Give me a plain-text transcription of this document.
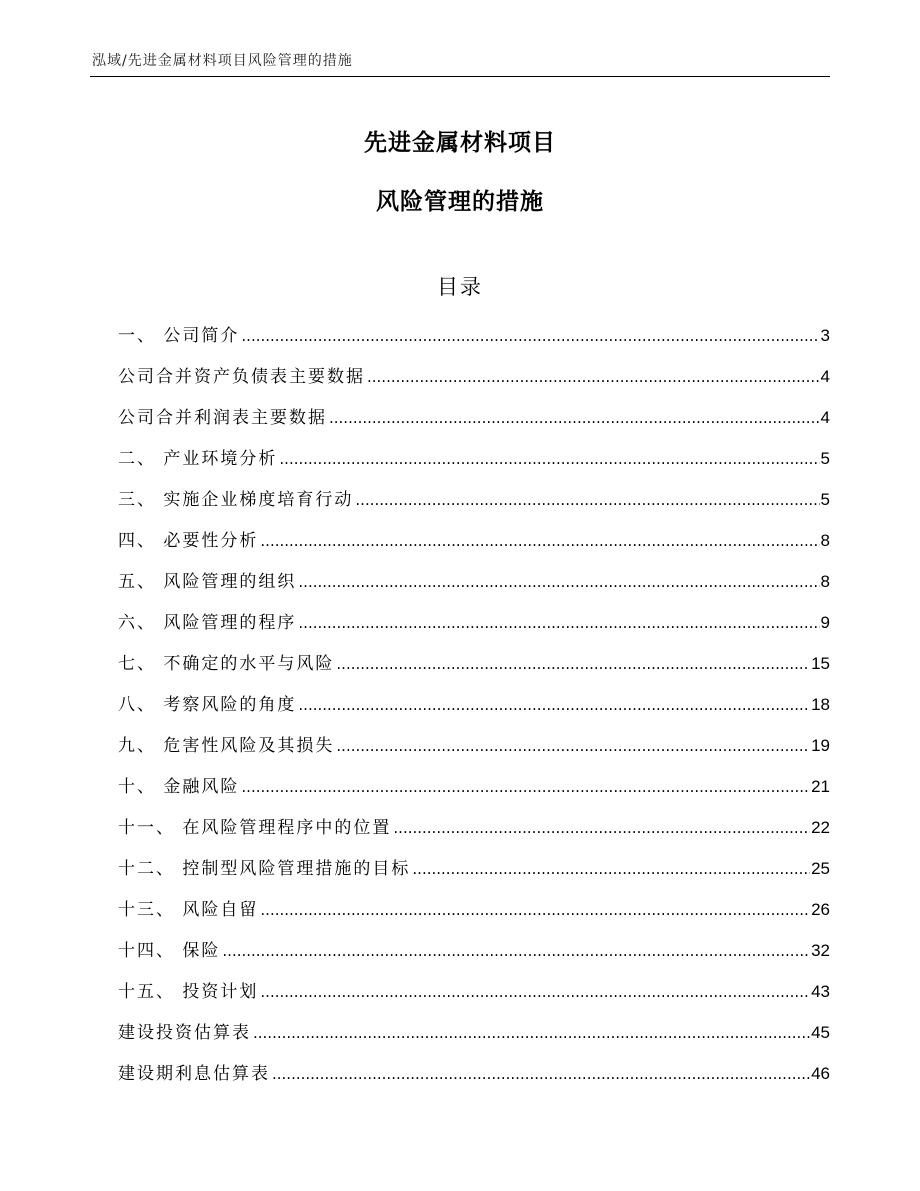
泓域/先进金属材料项目风险管理的措施
先进金属材料项目
风险管理的措施
目录
一、 公司简介 .....	3
公司合并资产负债表主要数据 .....	4
公司合并利润表主要数据 .....	4
二、 产业环境分析 .....	5
三、 实施企业梯度培育行动 .....	5
四、 必要性分析 .....	8
五、 风险管理的组织 .....	8
六、 风险管理的程序 .....	9
七、 不确定的水平与风险 .....	15
八、 考察风险的角度 .....	18
九、 危害性风险及其损失 .....	19
十、 金融风险 .....	21
十一、 在风险管理程序中的位置 .....	22
十二、 控制型风险管理措施的目标 .....	25
十三、 风险自留 .....	26
十四、 保险 .....	32
十五、 投资计划 .....	43
建设投资估算表 .....	45
建设期利息估算表 .....	46
